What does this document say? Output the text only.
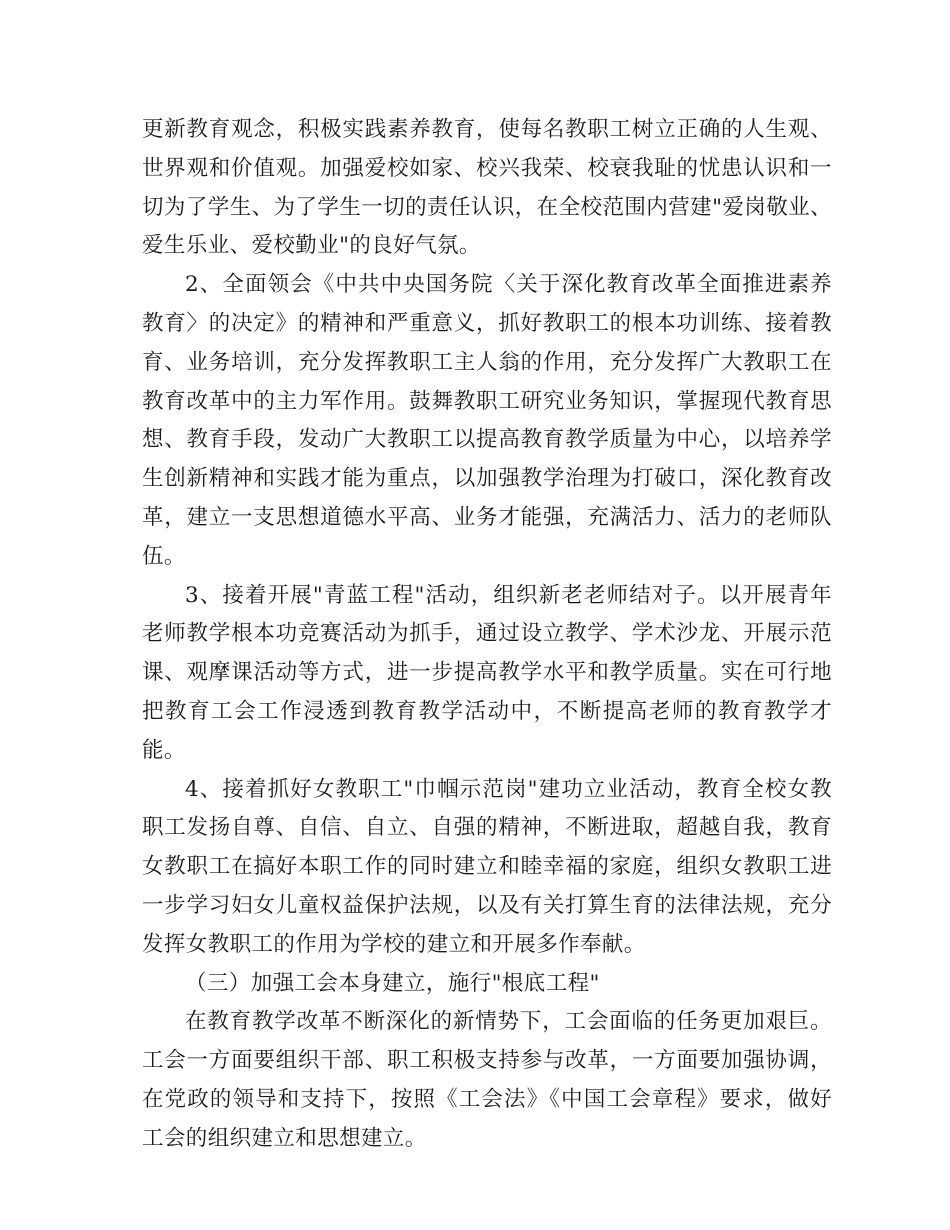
更新教育观念，积极实践素养教育，使每名教职工树立正确的人生观、世界观和价值观。加强爱校如家、校兴我荣、校衰我耻的忧患认识和一切为了学生、为了学生一切的责任认识，在全校范围内营建"爱岗敬业、爱生乐业、爱校勤业"的良好气氛。

2、全面领会《中共中央国务院〈关于深化教育改革全面推进素养教育〉的决定》的精神和严重意义，抓好教职工的根本功训练、接着教育、业务培训，充分发挥教职工主人翁的作用，充分发挥广大教职工在教育改革中的主力军作用。鼓舞教职工研究业务知识，掌握现代教育思想、教育手段，发动广大教职工以提高教育教学质量为中心，以培养学生创新精神和实践才能为重点，以加强教学治理为打破口，深化教育改革，建立一支思想道德水平高、业务才能强，充满活力、活力的老师队伍。

3、接着开展"青蓝工程"活动，组织新老老师结对子。以开展青年老师教学根本功竞赛活动为抓手，通过设立教学、学术沙龙、开展示范课、观摩课活动等方式，进一步提高教学水平和教学质量。实在可行地把教育工会工作浸透到教育教学活动中，不断提高老师的教育教学才能。

4、接着抓好女教职工"巾帼示范岗"建功立业活动，教育全校女教职工发扬自尊、自信、自立、自强的精神，不断进取，超越自我，教育女教职工在搞好本职工作的同时建立和睦幸福的家庭，组织女教职工进一步学习妇女儿童权益保护法规，以及有关打算生育的法律法规，充分发挥女教职工的作用为学校的建立和开展多作奉献。

（三）加强工会本身建立，施行"根底工程"

在教育教学改革不断深化的新情势下，工会面临的任务更加艰巨。工会一方面要组织干部、职工积极支持参与改革，一方面要加强协调，在党政的领导和支持下，按照《工会法》《中国工会章程》要求，做好工会的组织建立和思想建立。
